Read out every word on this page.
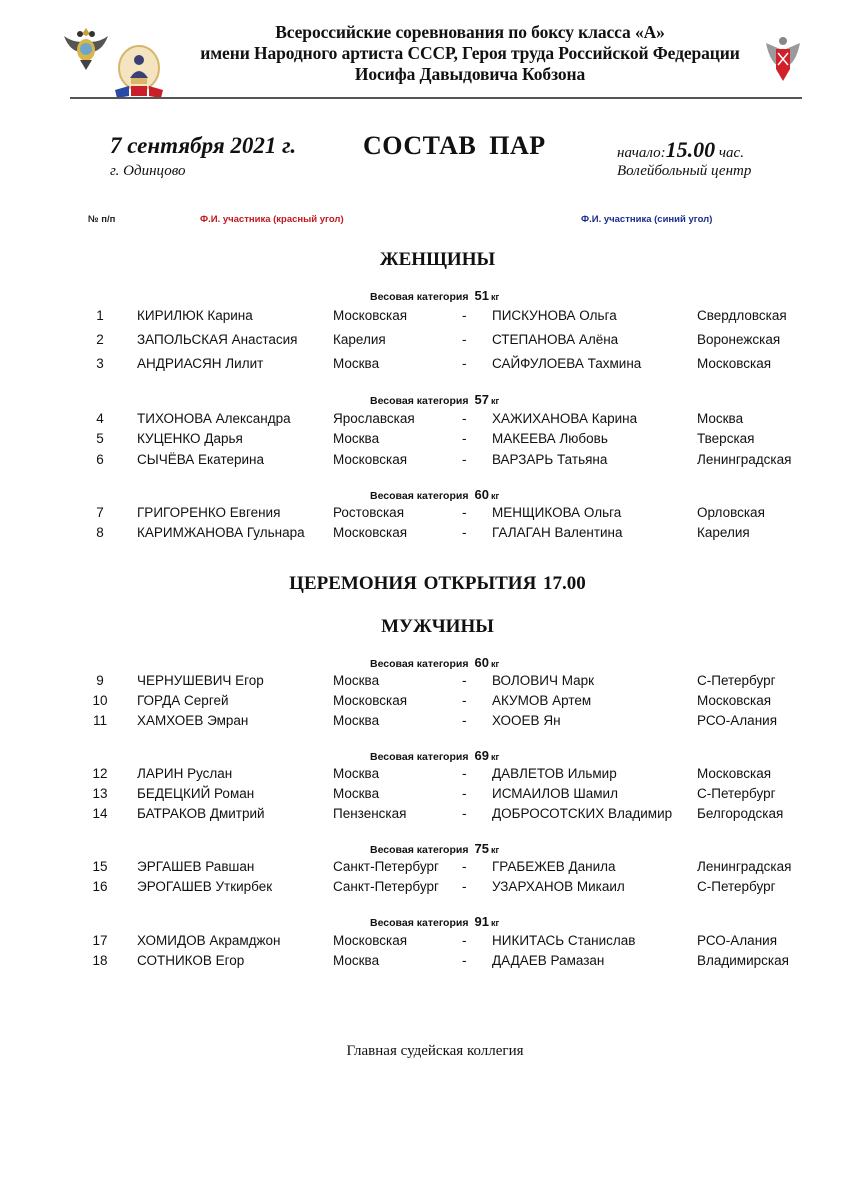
Всероссийские соревнования по боксу класса «А»
имени Народного артиста СССР, Героя труда Российской Федерации
Иосифа Давыдовича Кобзона
7 сентября 2021 г.
г. Одинцово
СОСТАВ ПАР	начало:15.00 час.
Волейбольный центр
№ п/п	Ф.И. участника (красный угол)	Ф.И. участника (синий угол)
ЖЕНЩИНЫ
Весовая категория 51 кг
1	КИРИЛЮК Карина	Московская	- ПИСКУНОВА Ольга	Свердловская
2	ЗАПОЛЬСКАЯ Анастасия	Карелия	- СТЕПАНОВА Алёна	Воронежская
3	АНДРИАСЯН Лилит	Москва	- САЙФУЛОЕВА Тахмина	Московская
Весовая категория 57 кг
4	ТИХОНОВА Александра	Ярославская	- ХАЖИХАНОВА Карина	Москва
5	КУЦЕНКО Дарья	Москва	- МАКЕЕВА Любовь	Тверская
6	СЫЧЁВА Екатерина	Московская	- ВАРЗАРЬ Татьяна	Ленинградская
Весовая категория 60 кг
7	ГРИГОРЕНКО Евгения	Ростовская	- МЕНЩИКОВА Ольга	Орловская
8	КАРИМЖАНОВА Гульнара Московская	- ГАЛАГАН Валентина	Карелия
ЦЕРЕМОНИЯ ОТКРЫТИЯ 17.00
МУЖЧИНЫ
Весовая категория 60 кг
9	ЧЕРНУШЕВИЧ Егор	Москва	- ВОЛОВИЧ Марк	С-Петербург
10 ГОРДА Сергей	Московская	- АКУМОВ Артем	Московская
11 ХАМХОЕВ Эмран	Москва	- ХООЕВ Ян	РСО-Алания
Весовая категория 69 кг
12 ЛАРИН Руслан	Москва	- ДАВЛЕТОВ Ильмир	Московская
13 БЕДЕЦКИЙ Роман	Москва	- ИСМАИЛОВ Шамил	С-Петербург
14 БАТРАКОВ Дмитрий	Пензенская	- ДОБРОСОТСКИХ Владимир Белгородская
Весовая категория 75 кг
15 ЭРГАШЕВ Равшан	Санкт-Петербург - ГРАБЕЖЕВ Данила	Ленинградская
16 ЭРОГАШЕВ Уткирбек	Санкт-Петербург - УЗАРХАНОВ Микаил	С-Петербург
Весовая категория 91 кг
17 ХОМИДОВ Акрамджон	Московская	- НИКИТАСЬ Станислав	РСО-Алания
18 СОТНИКОВ Егор	Москва	- ДАДАЕВ Рамазан	Владимирская
Главная судейская коллегия
